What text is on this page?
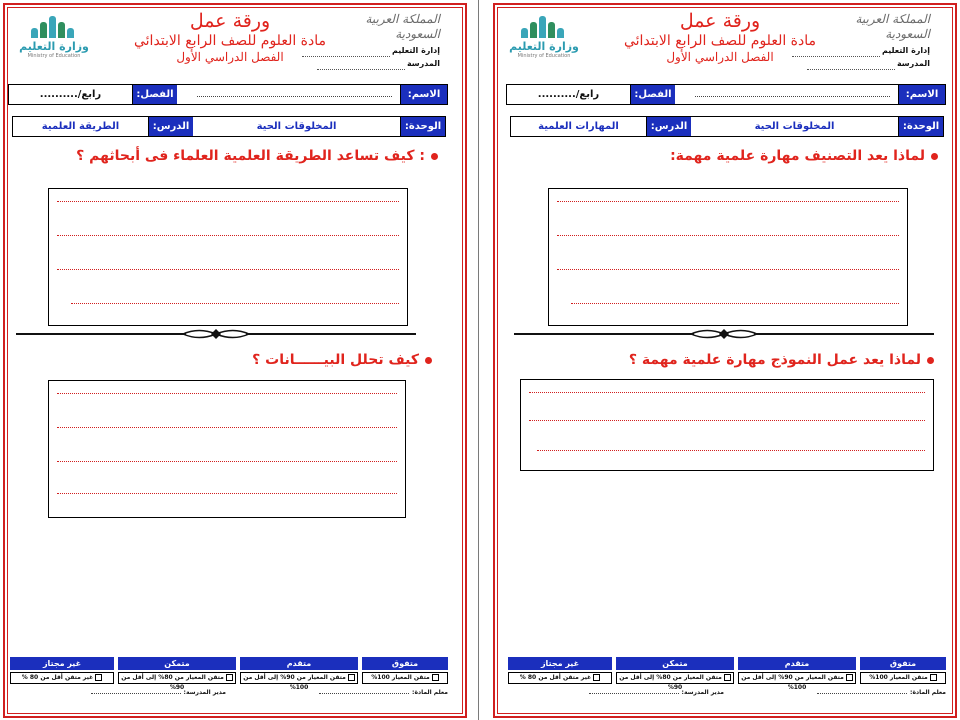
وزارة التعليم
Ministry of Education
ورقة عمل
مادة العلوم للصف الرابع الابتدائي
الفصل الدراسي الأول
المملكة العربية السعودية
إدارة التعليم
المدرسة
الاسم:
الفصل:
رابع/..........
الوحدة:
المخلوقات الحية
الدرس:
الطريقة العلمية
: كيف تساعد الطريقة العلمية العلماء فى أبحاثهم ؟
كيف تحلل البيــــــانات ؟
متفوق
متقدم
متمكن
غير مجتاز
متقن المعيار 100%
متقن المعيار من 90% إلى أقل من 100%
متقن المعيار من 80% إلى أقل من 90%
غير متقن أقل من 80 %
معلم المادة:
مدير المدرسة:
وزارة التعليم
Ministry of Education
ورقة عمل
مادة العلوم للصف الرابع الابتدائي
الفصل الدراسي الأول
المملكة العربية السعودية
إدارة التعليم
المدرسة
الاسم:
الفصل:
رابع/..........
الوحدة:
المخلوقات الحية
الدرس:
المهارات العلمية
لماذا يعد التصنيف مهارة علمية مهمة:
لماذا يعد عمل النموذج مهارة علمية مهمة ؟
متفوق
متقدم
متمكن
غير مجتاز
متقن المعيار 100%
متقن المعيار من 90% إلى أقل من 100%
متقن المعيار من 80% إلى أقل من 90%
غير متقن أقل من 80 %
معلم المادة:
مدير المدرسة:
